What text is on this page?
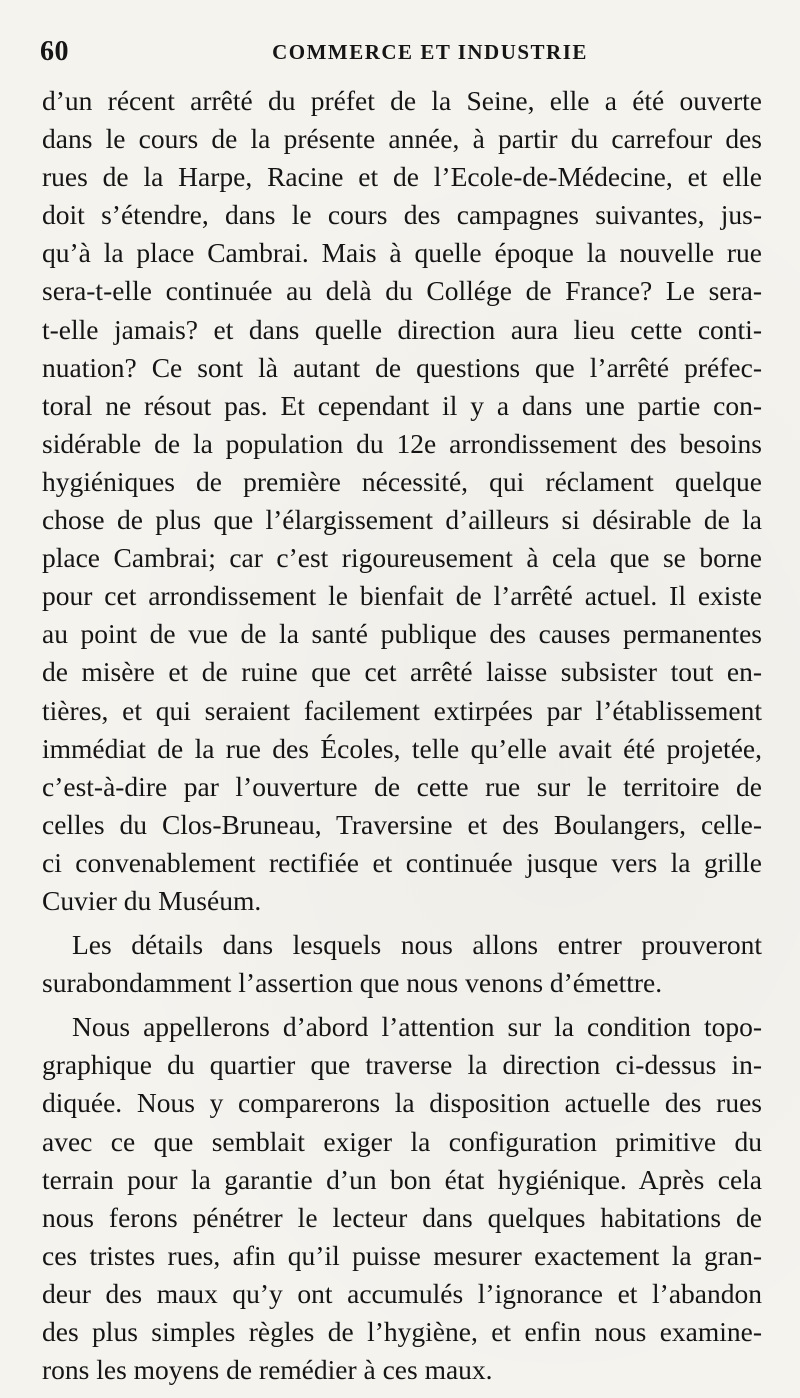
60	COMMERCE ET INDUSTRIE
d’un récent arrêté du préfet de la Seine, elle a été ouverte
dans le cours de la présente année, à partir du carrefour des
rues de la Harpe, Racine et de l’Ecole-de-Médecine, et elle
doit s’étendre, dans le cours des campagnes suivantes, jus-
qu’à la place Cambrai. Mais à quelle époque la nouvelle rue
sera-t-elle continuée au delà du Collége de France? Le sera-
t-elle jamais? et dans quelle direction aura lieu cette conti-
nuation? Ce sont là autant de questions que l’arrêté préfec-
toral ne résout pas. Et cependant il y a dans une partie con-
sidérable de la population du 12e arrondissement des besoins
hygiéniques de première nécessité, qui réclament quelque
chose de plus que l’élargissement d’ailleurs si désirable de la
place Cambrai; car c’est rigoureusement à cela que se borne
pour cet arrondissement le bienfait de l’arrêté actuel. Il existe
au point de vue de la santé publique des causes permanentes
de misère et de ruine que cet arrêté laisse subsister tout en-
tières, et qui seraient facilement extirpées par l’établissement
immédiat de la rue des Écoles, telle qu’elle avait été projetée,
c’est-à-dire par l’ouverture de cette rue sur le territoire de
celles du Clos-Bruneau, Traversine et des Boulangers, celle-
ci convenablement rectifiée et continuée jusque vers la grille
Cuvier du Muséum.
Les détails dans lesquels nous allons entrer prouveront
surabondamment l’assertion que nous venons d’émettre.
Nous appellerons d’abord l’attention sur la condition topo-
graphique du quartier que traverse la direction ci-dessus in-
diquée. Nous y comparerons la disposition actuelle des rues
avec ce que semblait exiger la configuration primitive du
terrain pour la garantie d’un bon état hygiénique. Après cela
nous ferons pénétrer le lecteur dans quelques habitations de
ces tristes rues, afin qu’il puisse mesurer exactement la gran-
deur des maux qu’y ont accumulés l’ignorance et l’abandon
des plus simples règles de l’hygiène, et enfin nous examine-
rons les moyens de remédier à ces maux.
